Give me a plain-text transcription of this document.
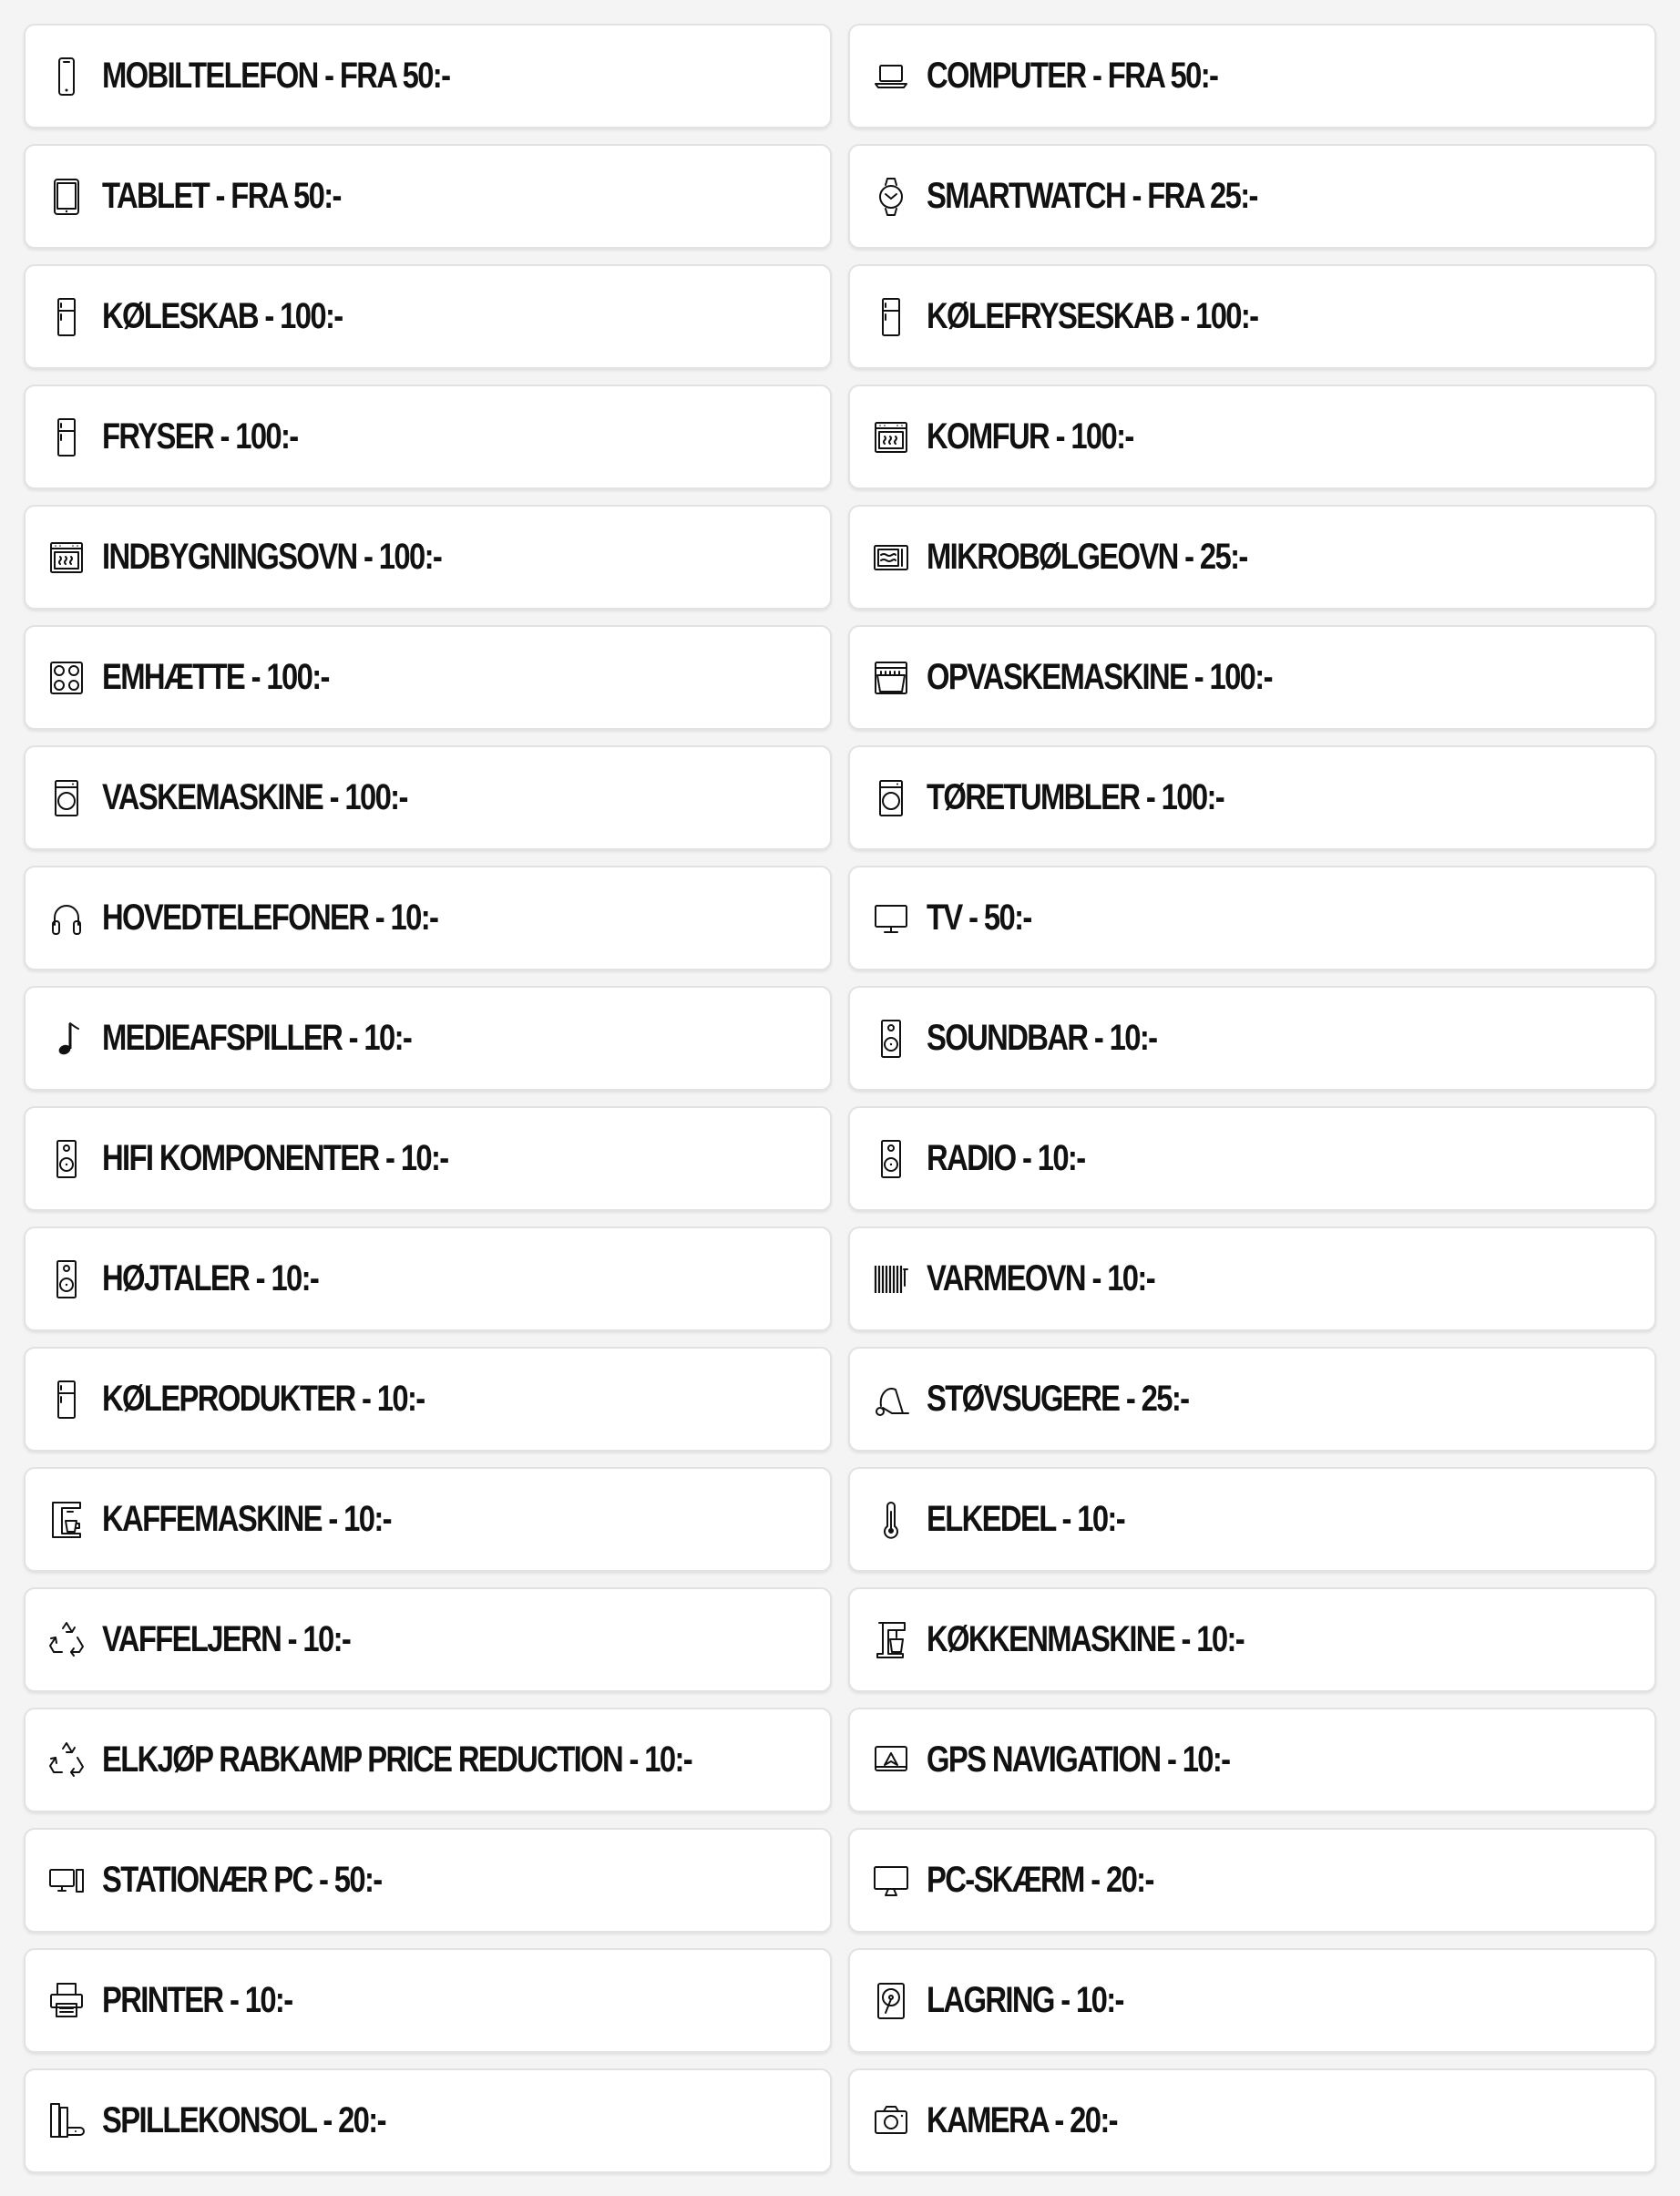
MOBILTELEFON - FRA 50:-	COMPUTER - FRA 50:-
TABLET - FRA 50:-	SMARTWATCH - FRA 25:-
KØLESKAB - 100:-	KØLEFRYSESKAB - 100:-
FRYSER - 100:-	KOMFUR - 100:-
INDBYGNINGSOVN - 100:-	MIKROBØLGEOVN - 25:-
EMHÆTTE - 100:-	OPVASKEMASKINE - 100:-
VASKEMASKINE - 100:-	TØRETUMBLER - 100:-
HOVEDTELEFONER - 10:-	TV - 50:-
MEDIEAFSPILLER - 10:-	SOUNDBAR - 10:-
HIFI KOMPONENTER - 10:-	RADIO - 10:-
HØJTALER - 10:-	VARMEOVN - 10:-
KØLEPRODUKTER - 10:-	STØVSUGERE - 25:-
KAFFEMASKINE - 10:-	ELKEDEL - 10:-
VAFFELJERN - 10:-	KØKKENMASKINE - 10:-
ELKJØP RABKAMP PRICE REDUCTION - 10:-	GPS NAVIGATION - 10:-
STATIONÆR PC - 50:-	PC-SKÆRM - 20:-
PRINTER - 10:-	LAGRING - 10:-
SPILLEKONSOL - 20:-	KAMERA - 20:-
